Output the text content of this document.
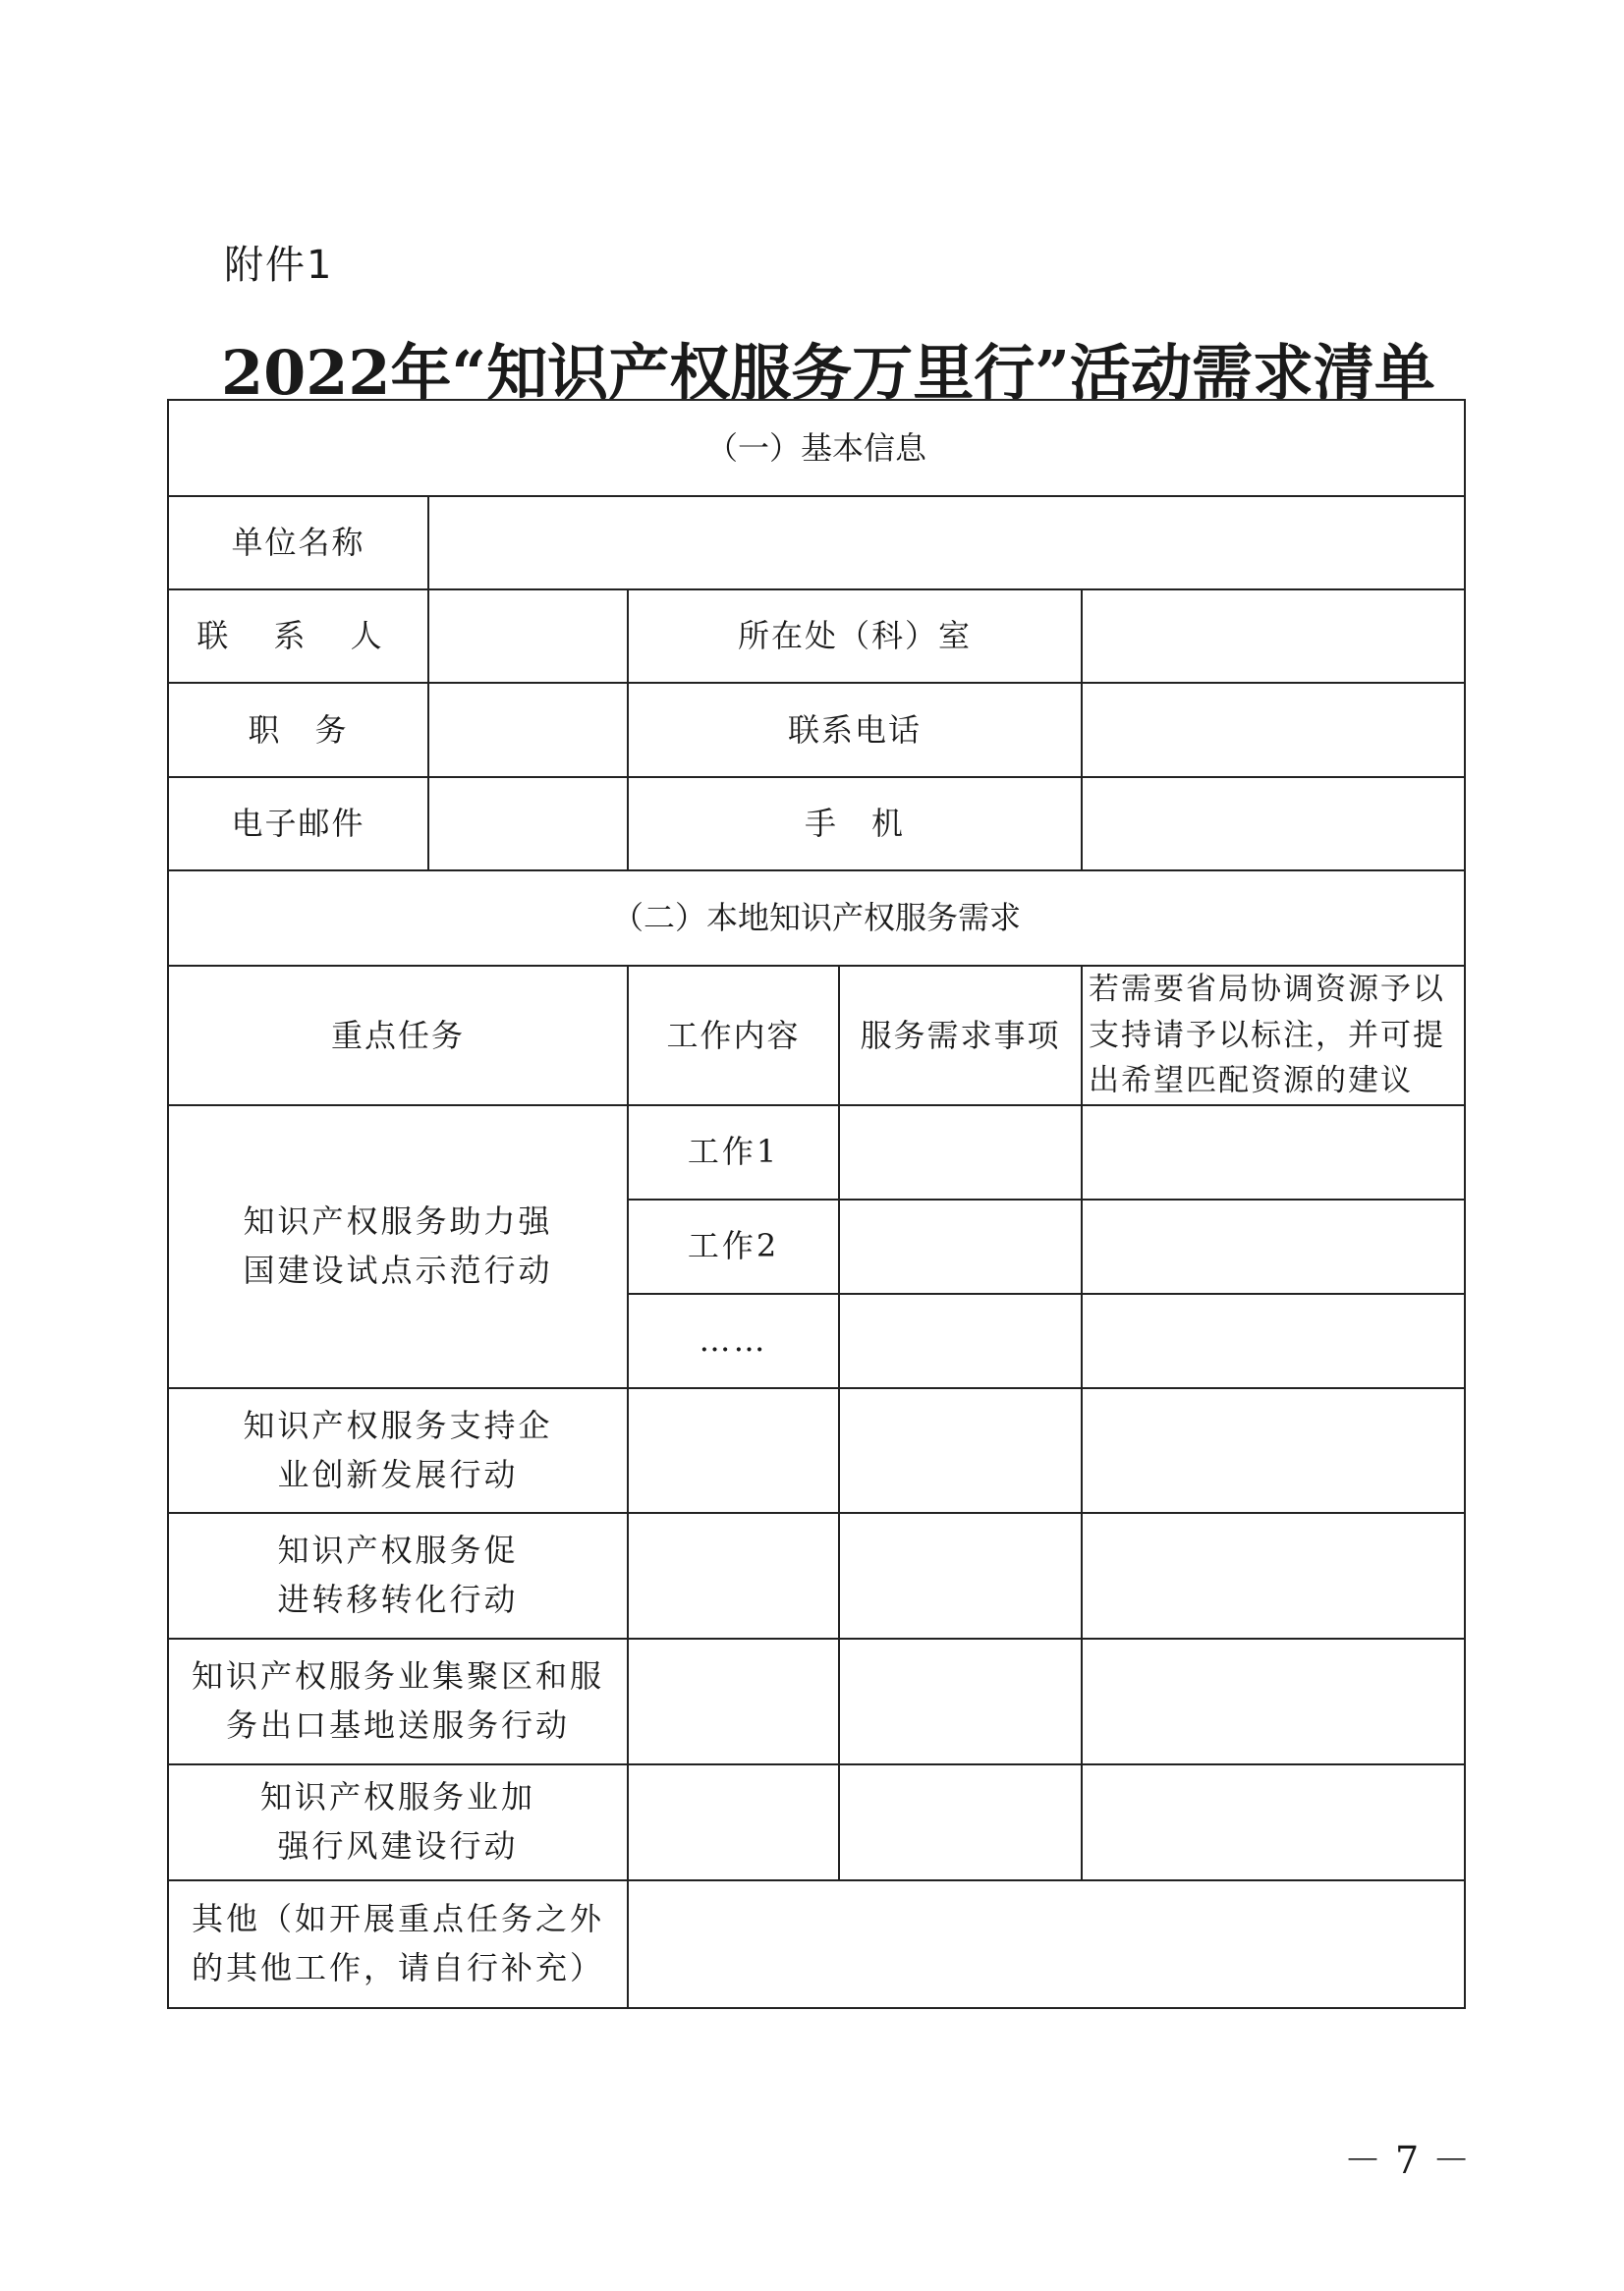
附件1
2022年“知识产权服务万里行”活动需求清单
（一）基本信息				
单位名称				
联 系 人		所在处（科）室		
职　务		联系电话		
电子邮件		手　机		
（二）本地知识产权服务需求				
重点任务		工作内容	服务需求事项	若需要省局协调资源予以支持请予以标注，并可提出希望匹配资源的建议
知识产权服务助力强国建设试点示范行动		工作1		
		工作2		
		……		
知识产权服务支持企业创新发展行动				
知识产权服务促进转移转化行动				
知识产权服务业集聚区和服务出口基地送服务行动				
知识产权服务业加强行风建设行动				
其他（如开展重点任务之外的其他工作，请自行补充）				
－7－
